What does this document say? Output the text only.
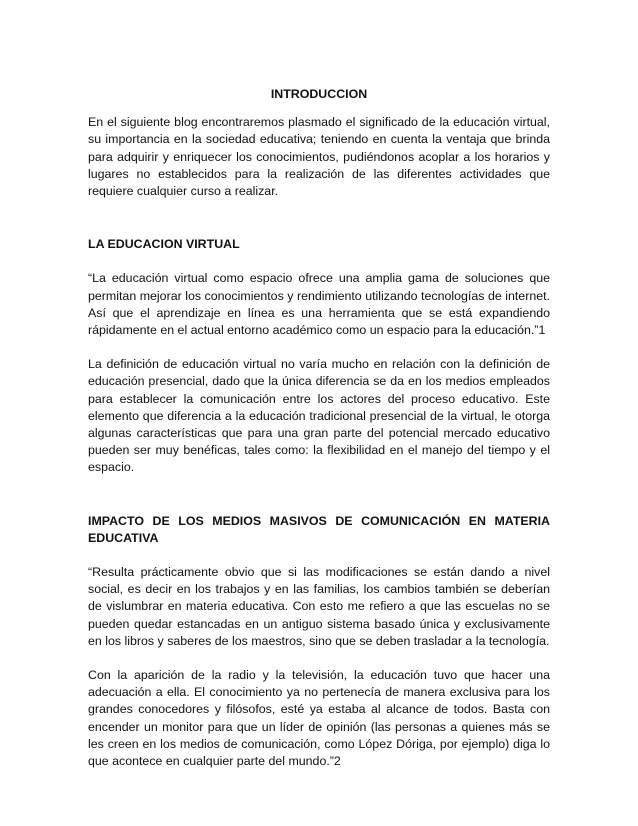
INTRODUCCION

En el siguiente blog encontraremos plasmado el significado de la educación virtual, su importancia en la sociedad educativa; teniendo en cuenta la ventaja que brinda para adquirir y enriquecer los conocimientos, pudiéndonos acoplar a los horarios y lugares no establecidos para la realización de las diferentes actividades que requiere cualquier curso a realizar.

LA EDUCACION VIRTUAL

“La educación virtual como espacio ofrece una amplia gama de soluciones que permitan mejorar los conocimientos y rendimiento utilizando tecnologías de internet. Así que el aprendizaje en línea es una herramienta que se está expandiendo rápidamente en el actual entorno académico como un espacio para la educación.”1

La definición de educación virtual no varía mucho en relación con la definición de educación presencial, dado que la única diferencia se da en los medios empleados para establecer la comunicación entre los actores del proceso educativo. Este elemento que diferencia a la educación tradicional presencial de la virtual, le otorga algunas características que para una gran parte del potencial mercado educativo pueden ser muy benéficas, tales como: la flexibilidad en el manejo del tiempo y el espacio.

IMPACTO DE LOS MEDIOS MASIVOS DE COMUNICACIÓN EN MATERIA EDUCATIVA

“Resulta prácticamente obvio que si las modificaciones se están dando a nivel social, es decir en los trabajos y en las familias, los cambios también se deberían de vislumbrar en materia educativa. Con esto me refiero a que las escuelas no se pueden quedar estancadas en un antiguo sistema basado única y exclusivamente en los libros y saberes de los maestros, sino que se deben trasladar a la tecnología.

Con la aparición de la radio y la televisión, la educación tuvo que hacer una adecuación a ella. El conocimiento ya no pertenecía de manera exclusiva para los grandes conocedores y filósofos, esté ya estaba al alcance de todos. Basta con encender un monitor para que un líder de opinión (las personas a quienes más se les creen en los medios de comunicación, como López Dóriga, por ejemplo) diga lo que acontece en cualquier parte del mundo.”2
